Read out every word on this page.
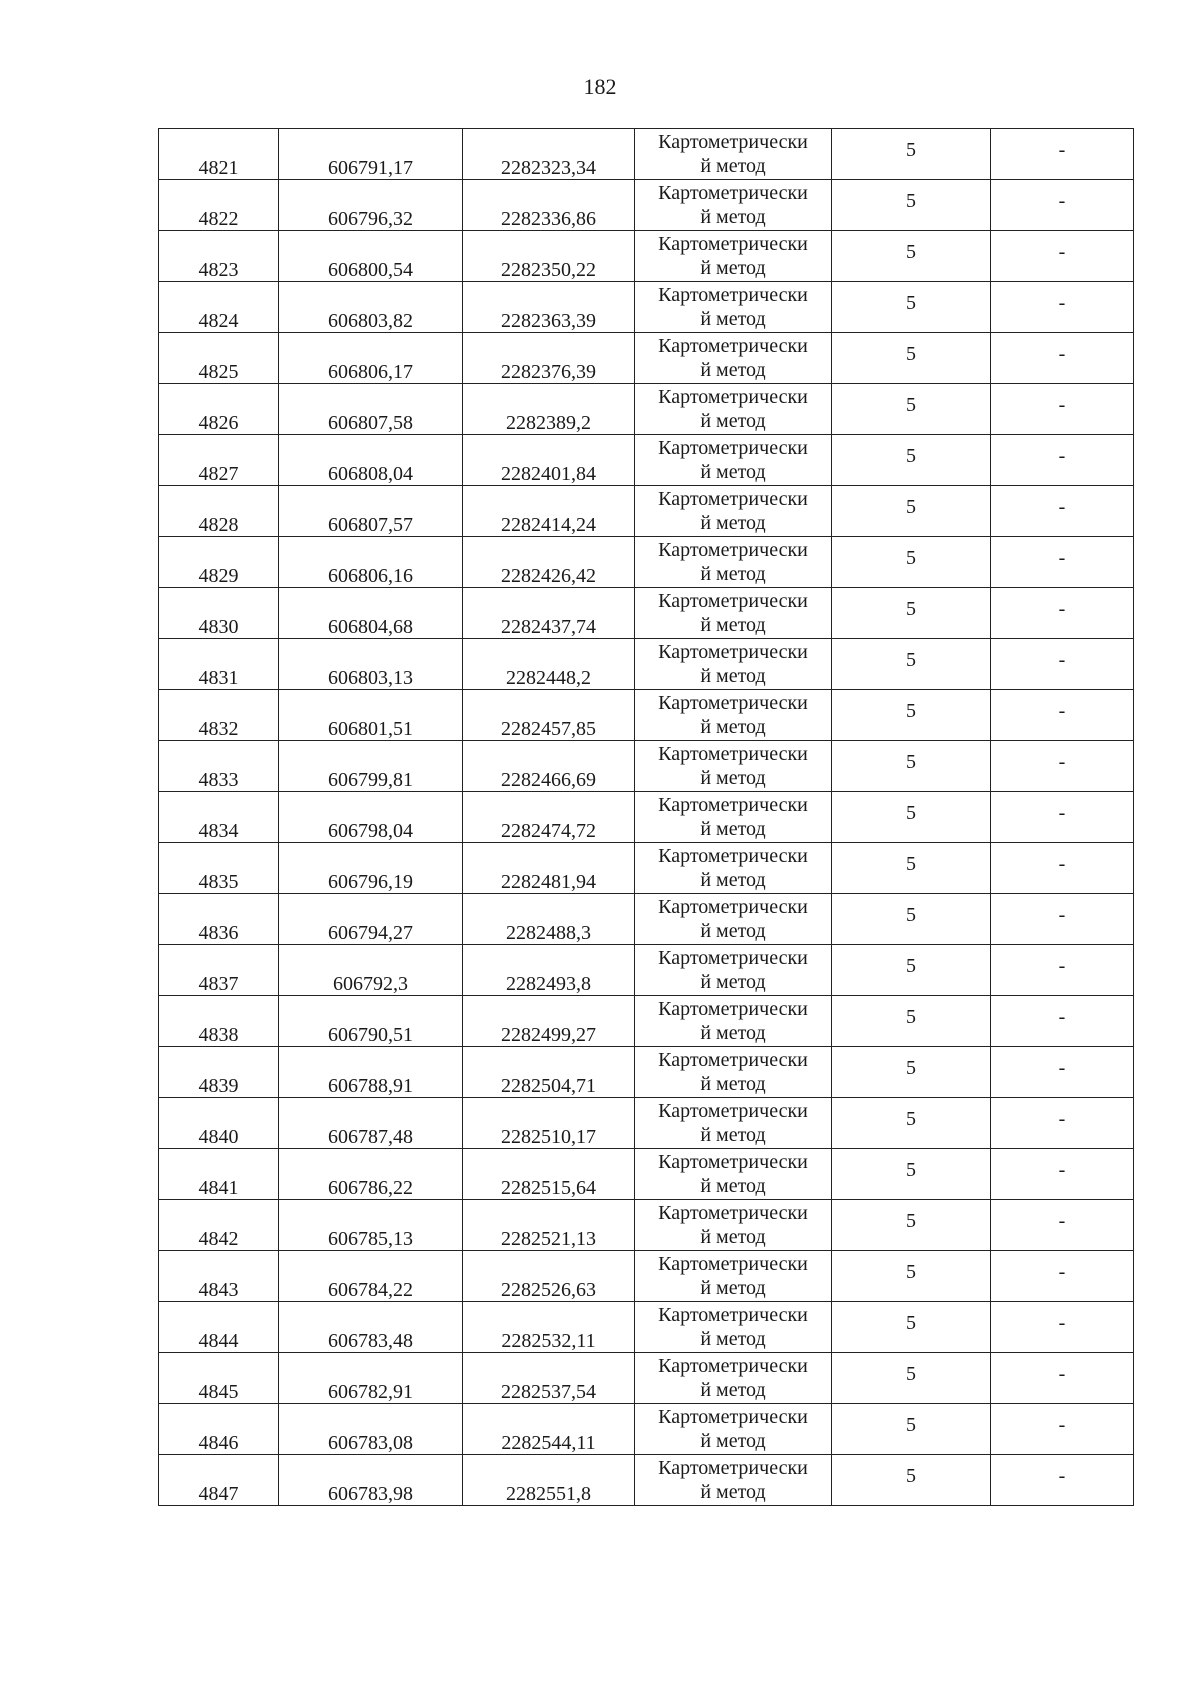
182
4821	606791,17	2282323,34	Картометрически
й метод	5	-
4822	606796,32	2282336,86	Картометрически
й метод	5	-
4823	606800,54	2282350,22	Картометрически
й метод	5	-
4824	606803,82	2282363,39	Картометрически
й метод	5	-
4825	606806,17	2282376,39	Картометрически
й метод	5	-
4826	606807,58	2282389,2	Картометрически
й метод	5	-
4827	606808,04	2282401,84	Картометрически
й метод	5	-
4828	606807,57	2282414,24	Картометрически
й метод	5	-
4829	606806,16	2282426,42	Картометрически
й метод	5	-
4830	606804,68	2282437,74	Картометрически
й метод	5	-
4831	606803,13	2282448,2	Картометрически
й метод	5	-
4832	606801,51	2282457,85	Картометрически
й метод	5	-
4833	606799,81	2282466,69	Картометрически
й метод	5	-
4834	606798,04	2282474,72	Картометрически
й метод	5	-
4835	606796,19	2282481,94	Картометрически
й метод	5	-
4836	606794,27	2282488,3	Картометрически
й метод	5	-
4837	606792,3	2282493,8	Картометрически
й метод	5	-
4838	606790,51	2282499,27	Картометрически
й метод	5	-
4839	606788,91	2282504,71	Картометрически
й метод	5	-
4840	606787,48	2282510,17	Картометрически
й метод	5	-
4841	606786,22	2282515,64	Картометрически
й метод	5	-
4842	606785,13	2282521,13	Картометрически
й метод	5	-
4843	606784,22	2282526,63	Картометрически
й метод	5	-
4844	606783,48	2282532,11	Картометрически
й метод	5	-
4845	606782,91	2282537,54	Картометрически
й метод	5	-
4846	606783,08	2282544,11	Картометрически
й метод	5	-
4847	606783,98	2282551,8	Картометрически
й метод	5	-
